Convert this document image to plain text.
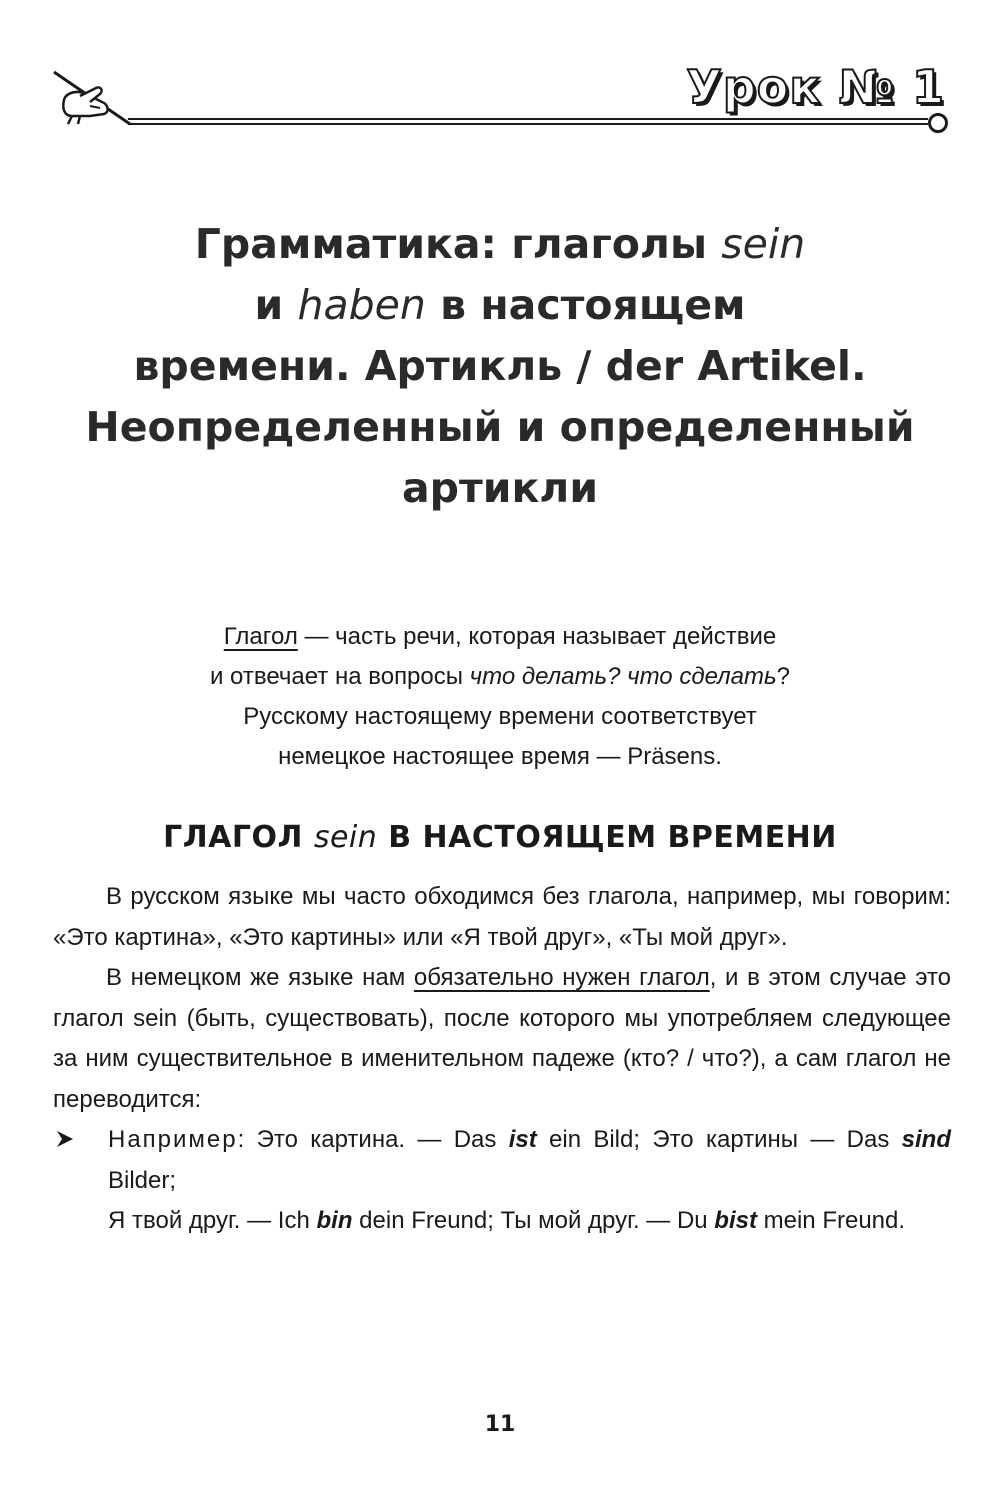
Урок № 1
Грамматика: глаголы sein
и haben в настоящем
времени. Артикль / der Artikel.
Неопределенный и определенный
артикли

Глагол — часть речи, которая называет действие
и отвечает на вопросы что делать? что сделать?
Русскому настоящему времени соответствует
немецкое настоящее время — Präsens.

ГЛАГОЛ sein В НАСТОЯЩЕМ ВРЕМЕНИ

В русском языке мы часто обходимся без глагола, например, мы говорим: «Это картина», «Это картины» или «Я твой друг», «Ты мой друг».

В немецком же языке нам обязательно нужен глагол, и в этом случае это глагол sein (быть, существовать), после которого мы употребляем следующее за ним существительное в именительном падеже (кто? / что?), а сам глагол не переводится:

Например: Это картина. — Das ist ein Bild; Это картины — Das sind Bilder;
Я твой друг. — Ich bin dein Freund; Ты мой друг. — Du bist mein Freund.

11
